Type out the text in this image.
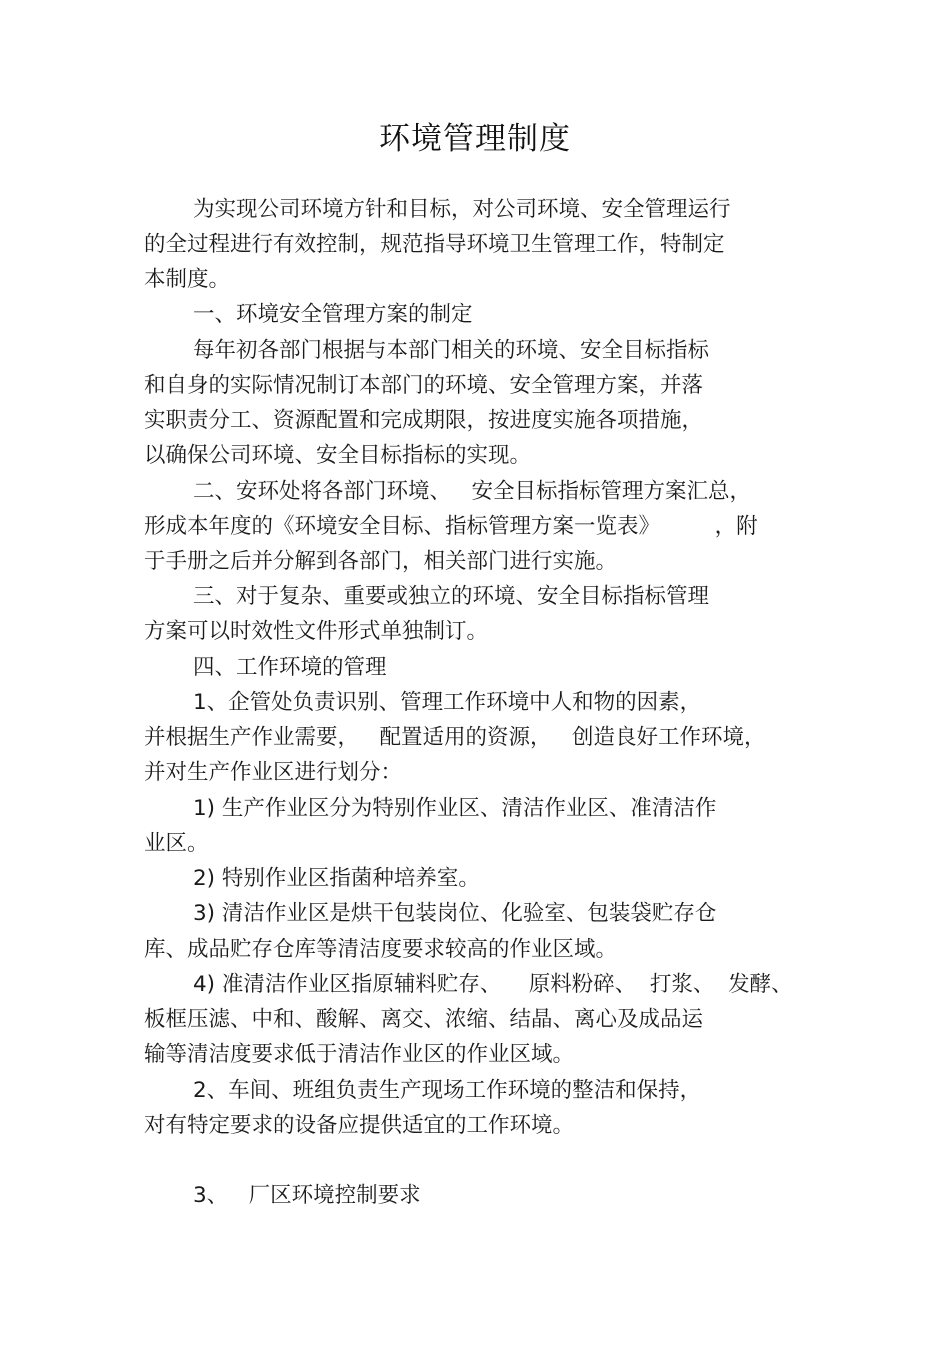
环境管理制度
为实现公司环境方针和目标，对公司环境、安全管理运行
的全过程进行有效控制，规范指导环境卫生管理工作，特制定
本制度。
一、环境安全管理方案的制定
每年初各部门根据与本部门相关的环境、安全目标指标
和自身的实际情况制订本部门的环境、安全管理方案，并落
实职责分工、资源配置和完成期限，按进度实施各项措施，
以确保公司环境、安全目标指标的实现。
二、安环处将各部门环境、   安全目标指标管理方案汇总，
形成本年度的《环境安全目标、指标管理方案一览表》        ，附
于手册之后并分解到各部门，相关部门进行实施。
三、对于复杂、重要或独立的环境、安全目标指标管理
方案可以时效性文件形式单独制订。
四、工作环境的管理
1、企管处负责识别、管理工作环境中人和物的因素，
并根据生产作业需要，   配置适用的资源，   创造良好工作环境，
并对生产作业区进行划分：
1) 生产作业区分为特别作业区、清洁作业区、准清洁作
业区。
2) 特别作业区指菌种培养室。
3) 清洁作业区是烘干包装岗位、化验室、包装袋贮存仓
库、成品贮存仓库等清洁度要求较高的作业区域。
4) 准清洁作业区指原辅料贮存、    原料粉碎、  打浆、  发酵、
板框压滤、中和、酸解、离交、浓缩、结晶、离心及成品运
输等清洁度要求低于清洁作业区的作业区域。
2、车间、班组负责生产现场工作环境的整洁和保持，
对有特定要求的设备应提供适宜的工作环境。
3、   厂区环境控制要求
